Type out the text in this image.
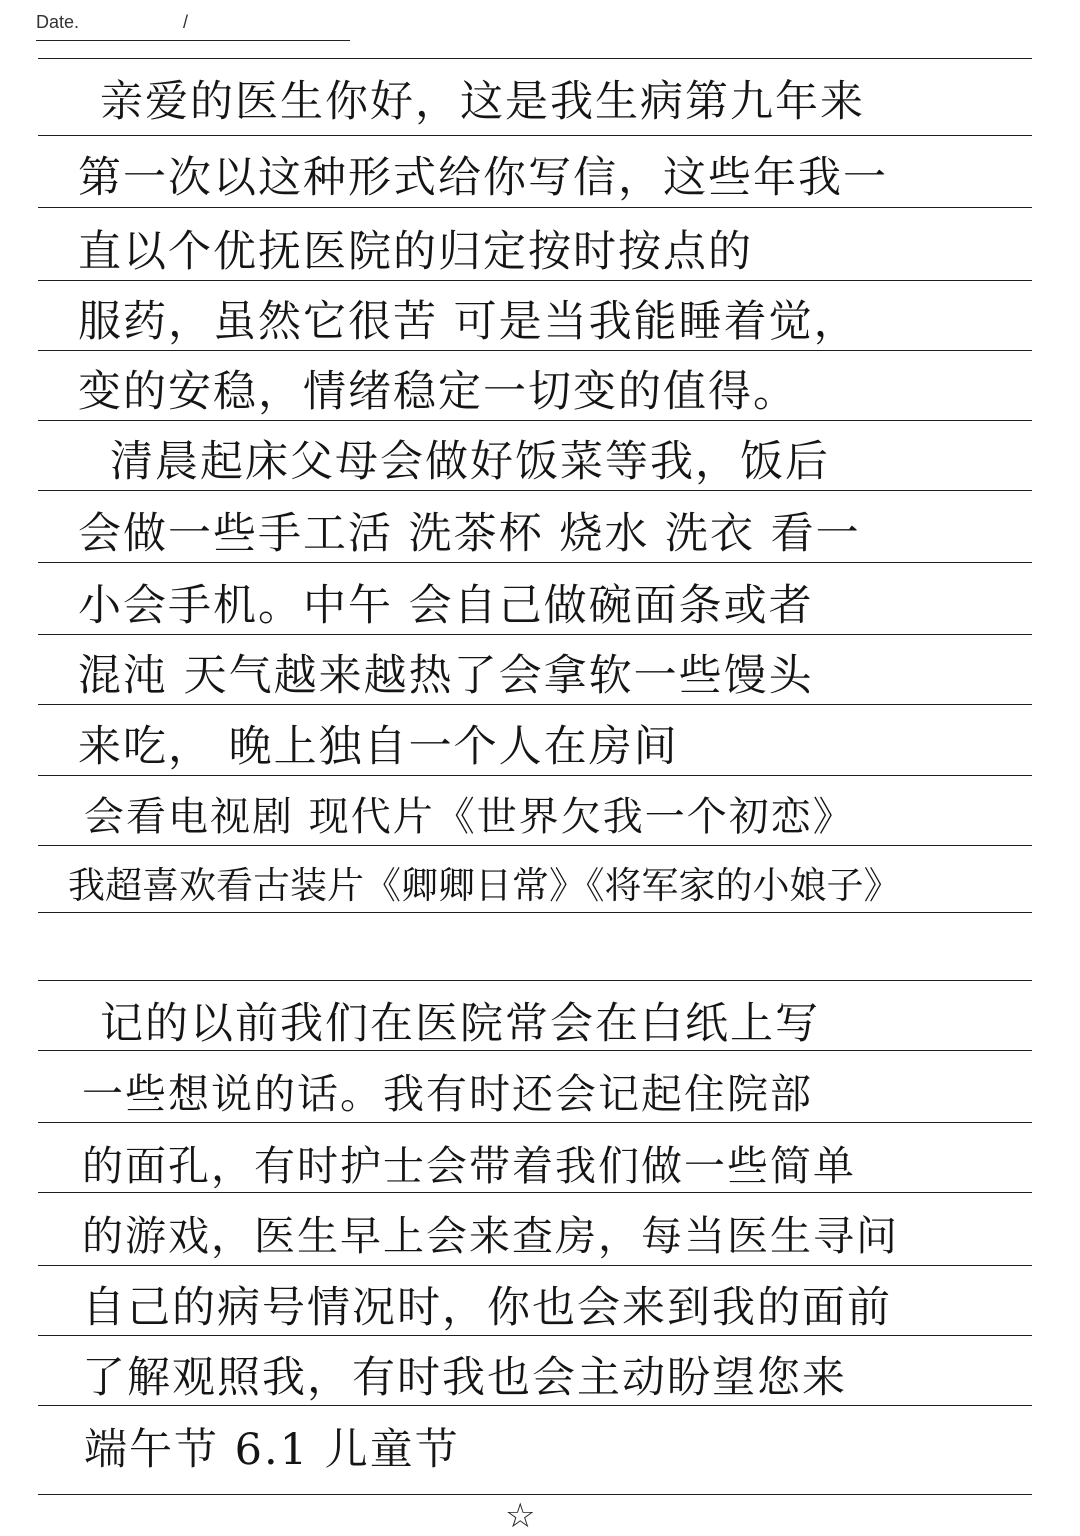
Date.	/
亲爱的医生你好，这是我生病第九年来
第一次以这种形式给你写信，这些年我一
直以个优抚医院的归定按时按点的
服药，虽然它很苦 可是当我能睡着觉，
变的安稳，情绪稳定一切变的值得。
清晨起床父母会做好饭菜等我，饭后
会做一些手工活 洗茶杯 烧水 洗衣 看一
小会手机。中午 会自己做碗面条或者
混沌 天气越来越热了会拿软一些馒头
来吃， 晚上独自一个人在房间
会看电视剧 现代片《世界欠我一个初恋》
我超喜欢看古装片《卿卿日常》《将军家的小娘子》
记的以前我们在医院常会在白纸上写
一些想说的话。我有时还会记起住院部
的面孔，有时护士会带着我们做一些简单
的游戏，医生早上会来查房，每当医生寻问
自己的病号情况时，你也会来到我的面前
了解观照我，有时我也会主动盼望您来
端午节 6.1 儿童节
☆
